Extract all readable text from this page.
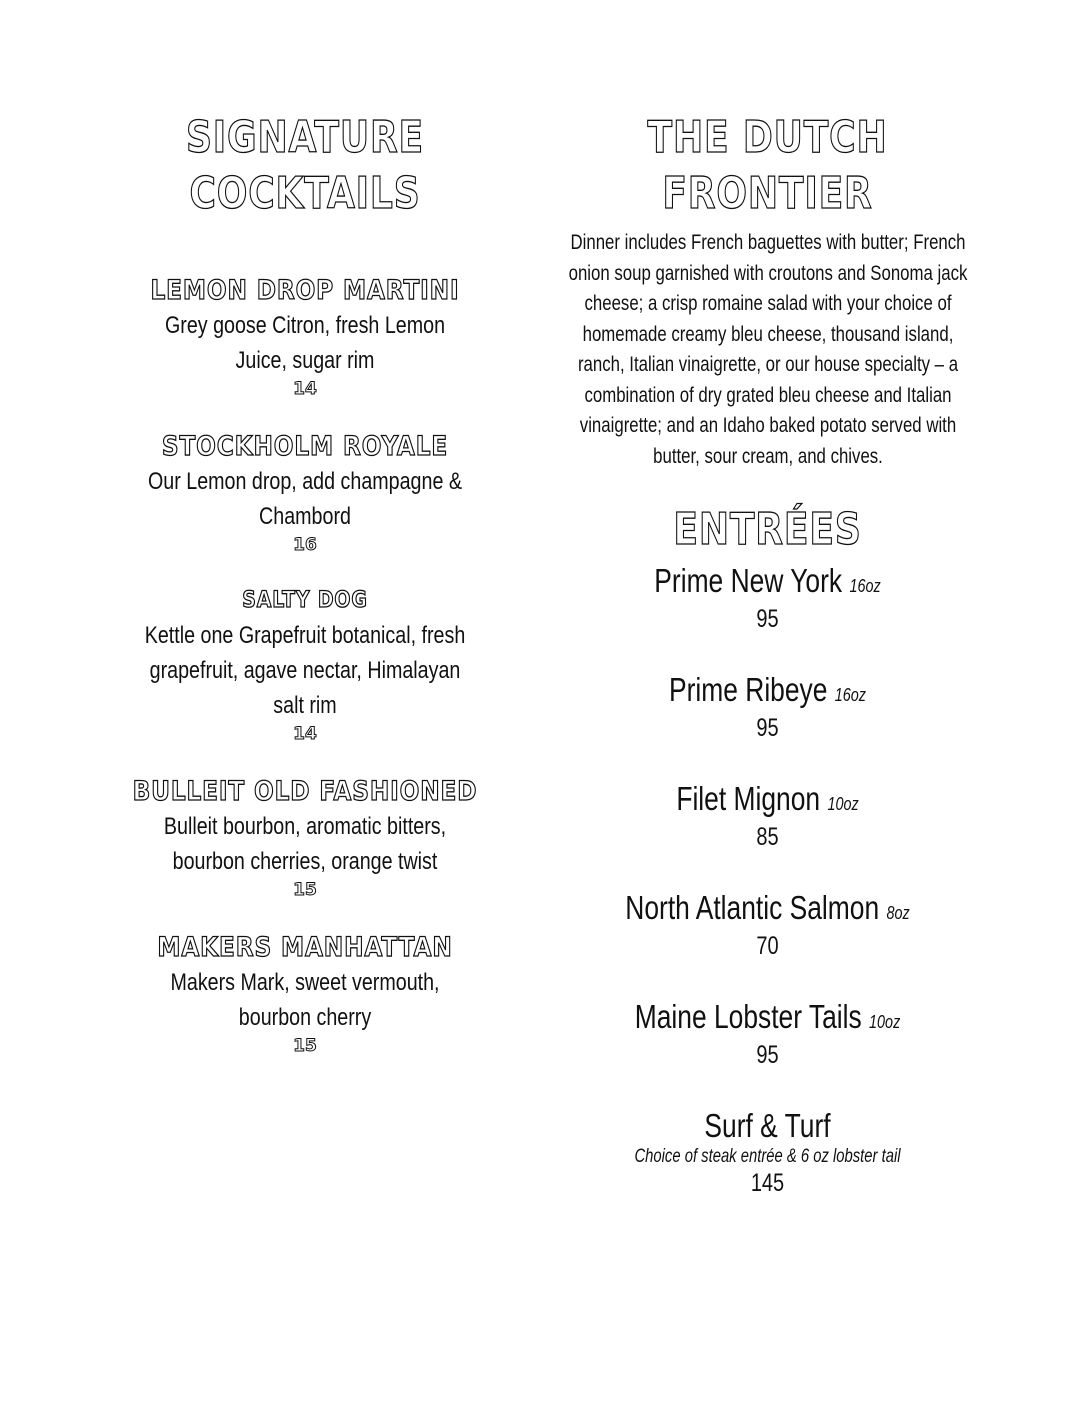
SIGNATURE
COCKTAILS
LEMON DROP MARTINI
Grey goose Citron, fresh Lemon Juice, sugar rim
14
STOCKHOLM ROYALE
Our Lemon drop, add champagne & Chambord
16
SALTY DOG
Kettle one Grapefruit botanical, fresh grapefruit, agave nectar, Himalayan salt rim
14
BULLEIT OLD FASHIONED
Bulleit bourbon, aromatic bitters, bourbon cherries, orange twist
15
MAKERS MANHATTAN
Makers Mark, sweet vermouth, bourbon cherry
15
THE DUTCH
FRONTIER
Dinner includes French baguettes with butter; French onion soup garnished with croutons and Sonoma jack cheese; a crisp romaine salad with your choice of homemade creamy bleu cheese, thousand island, ranch, Italian vinaigrette, or our house specialty – a combination of dry grated bleu cheese and Italian vinaigrette; and an Idaho baked potato served with butter, sour cream, and chives.
ENTRÉES
Prime New York 16oz
95
Prime Ribeye 16oz
95
Filet Mignon 10oz
85
North Atlantic Salmon 8oz
70
Maine Lobster Tails 10oz
95
Surf & Turf
Choice of steak entrée & 6 oz lobster tail
145
